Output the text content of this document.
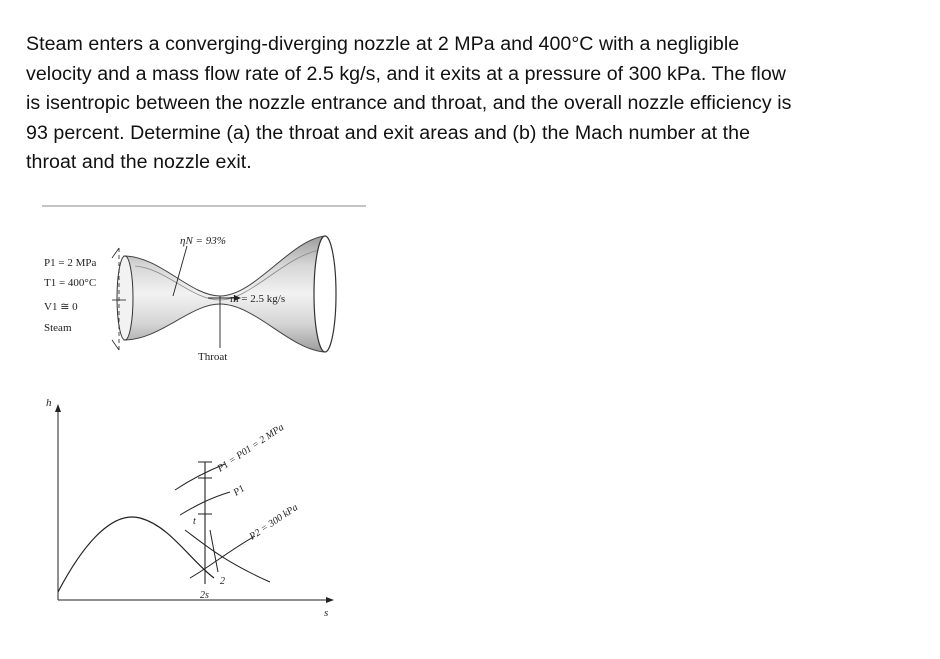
Steam enters a converging-diverging nozzle at 2 MPa and 400°C with a negligible
velocity and a mass flow rate of 2.5 kg/s, and it exits at a pressure of 300 kPa. The flow
is isentropic between the nozzle entrance and throat, and the overall nozzle efficiency is
93 percent. Determine (a) the throat and exit areas and (b) the Mach number at the
throat and the nozzle exit.
ηN = 93%
P1 = 2 MPa
T1 = 400°C
V1 ≅ 0
Steam
ṁ = 2.5 kg/s
Throat
h
s
P1 = P01 = 2 MPa
P1
P2 = 300 kPa
t
2s
2
